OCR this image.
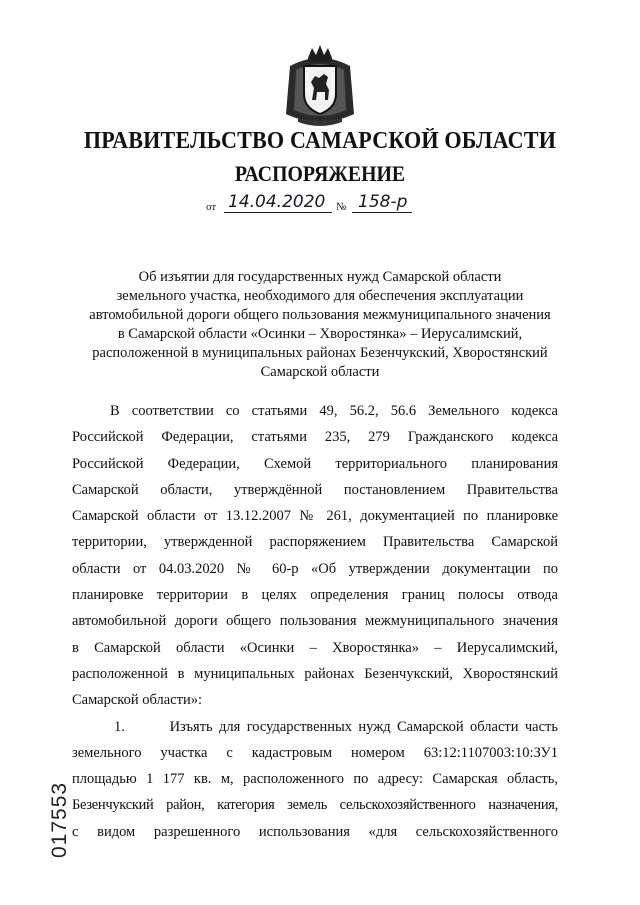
ПРАВИТЕЛЬСТВО САМАРСКОЙ ОБЛАСТИ
РАСПОРЯЖЕНИЕ
от 14.04.2020 № 158-р
Об изъятии для государственных нужд Самарской области
земельного участка, необходимого для обеспечения эксплуатации
автомобильной дороги общего пользования межмуниципального значения
в Самарской области «Осинки – Хворостянка» – Иерусалимский,
расположенной в муниципальных районах Безенчукский, Хворостянский
Самарской области
В соответствии со статьями 49, 56.2, 56.6 Земельного кодекса
Российской Федерации, статьями 235, 279 Гражданского кодекса
Российской Федерации, Схемой территориального планирования
Самарской области, утверждённой постановлением Правительства
Самарской области от 13.12.2007 № 261, документацией по планировке
территории, утвержденной распоряжением Правительства Самарской
области от 04.03.2020 № 60-р «Об утверждении документации по
планировке территории в целях определения границ полосы отвода
автомобильной дороги общего пользования межмуниципального значения
в Самарской области «Осинки – Хворостянка» – Иерусалимский,
расположенной в муниципальных районах Безенчукский, Хворостянский
Самарской области»:
1.       Изъять для государственных нужд Самарской области часть
земельного участка с кадастровым номером 63:12:1107003:10:ЗУ1
площадью 1 177 кв. м, расположенного по адресу: Самарская область,
Безенчукский район, категория земель сельскохозяйственного назначения,
с видом разрешенного использования «для сельскохозяйственного
017553
